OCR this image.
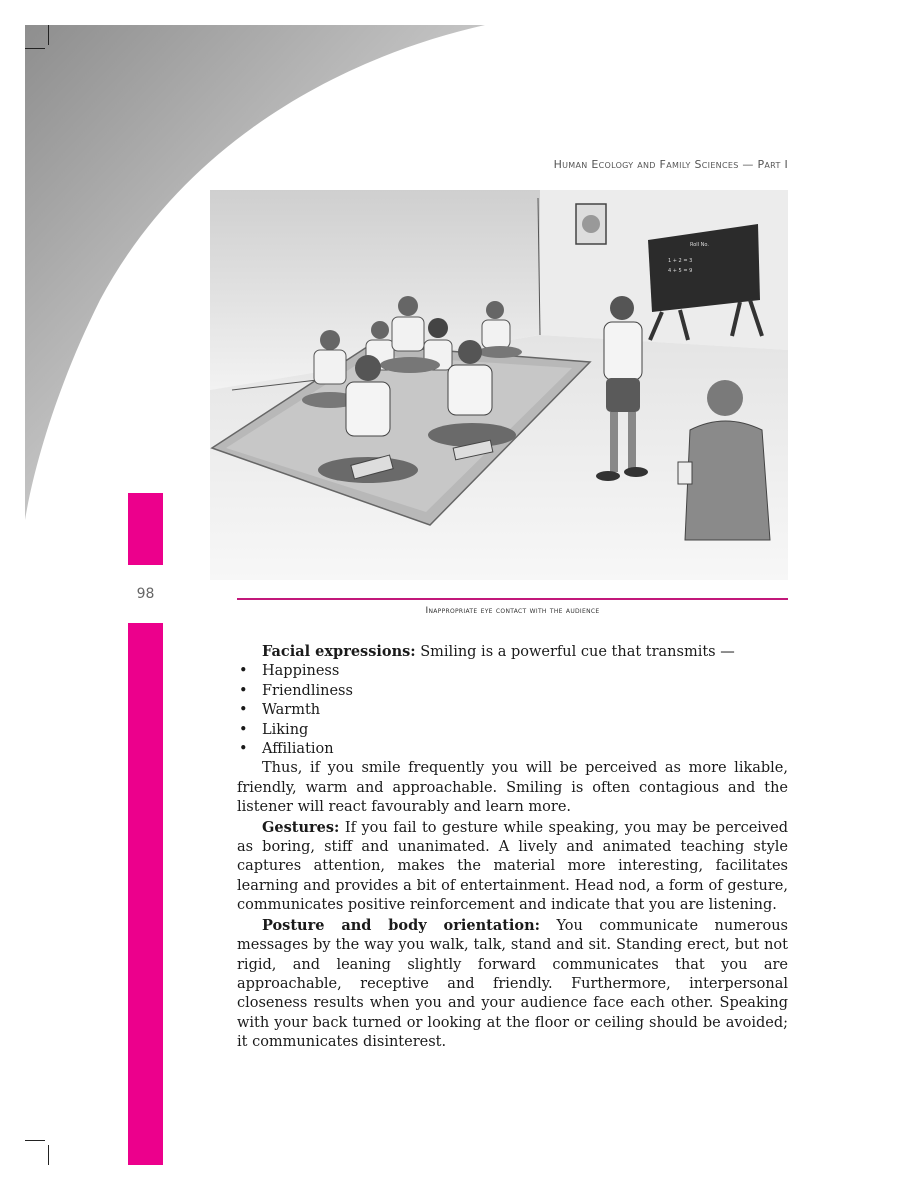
Human Ecology and Family Sciences — Part I
98
Roll No.
1 + 2 = 3
4 + 5 = 9
Inappropriate eye contact with the audience

Facial expressions: Smiling is a powerful cue that transmits —

• Happiness
• Friendliness
• Warmth
• Liking
• Affiliation

Thus, if you smile frequently you will be perceived as more likable, friendly, warm and approachable. Smiling is often contagious and the listener will react favourably and learn more.

Gestures: If you fail to gesture while speaking, you may be perceived as boring, stiff and unanimated. A lively and animated teaching style captures attention, makes the material more interesting, facilitates learning and provides a bit of entertainment. Head nod, a form of gesture, communicates positive reinforcement and indicate that you are listening.

Posture and body orientation: You communicate numerous messages by the way you walk, talk, stand and sit. Standing erect, but not rigid, and leaning slightly forward communicates that you are approachable, receptive and friendly. Furthermore, interpersonal closeness results when you and your audience face each other. Speaking with your back turned or looking at the floor or ceiling should be avoided; it communicates disinterest.
